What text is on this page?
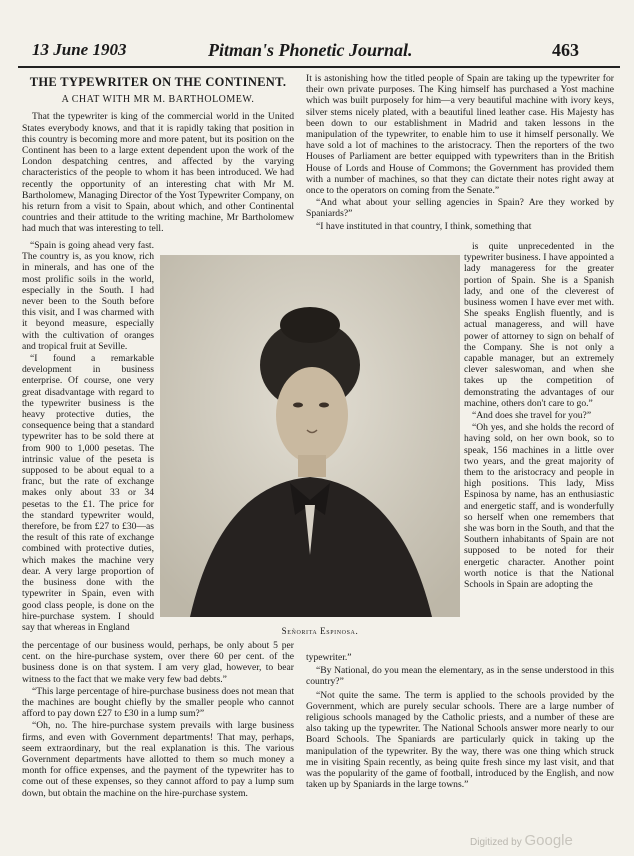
13 June 1903	Pitman's Phonetic Journal.	463
THE TYPEWRITER ON THE CONTINENT.
A CHAT WITH MR M. BARTHOLOMEW.

That the typewriter is king of the commercial world in the United States everybody knows, and that it is rapidly taking that position in this country is becoming more and more patent, but its position on the Continent has been to a large extent dependent upon the work of the London despatching centres, and affected by the varying characteristics of the people to whom it has been introduced. We had recently the opportunity of an interesting chat with Mr M. Bartholomew, Managing Director of the Yost Typewriter Company, on his return from a visit to Spain, about which, and other Continental countries and their attitude to the writing machine, Mr Bartholomew had much that was interesting to tell.

It is astonishing how the titled people of Spain are taking up the typewriter for their own private purposes. The King himself has purchased a Yost machine which was built purposely for him—a very beautiful machine with ivory keys, silver stems nicely plated, with a beautiful lined leather case. His Majesty has been down to our establishment in Madrid and taken lessons in the manipulation of the typewriter, to enable him to use it himself personally. We have sold a lot of machines to the aristocracy. Then the reporters of the two Houses of Parliament are better equipped with typewriters than in the British House of Lords and House of Commons; the Government has provided them with a number of machines, so that they can dictate their notes right away at once to the operators on coming from the Senate.”

“And what about your selling agencies in Spain? Are they worked by Spaniards?”

“I have instituted in that country, I think, something that

“Spain is going ahead very fast. The country is, as you know, rich in minerals, and has one of the most prolific soils in the world, especially in the South. I had never been to the South before this visit, and I was charmed with it beyond measure, especially with the cultivation of oranges and tropical fruit at Seville.

“I found a remarkable development in business enterprise. Of course, one very great disadvantage with regard to the typewriter business is the heavy protective duties, the consequence being that a standard typewriter has to be sold there at from 900 to 1,000 pesetas. The intrinsic value of the peseta is supposed to be about equal to a franc, but the rate of exchange makes only about 33 or 34 pesetas to the £1. The price for the standard typewriter would, therefore, be from £27 to £30—as the result of this rate of exchange combined with protective duties, which makes the machine very dear. A very large proportion of the business done with the typewriter in Spain, even with good class people, is done on the hire-purchase system. I should say that whereas in England	Señorita Espinosa.

is quite unprecedented in the typewriter business. I have appointed a lady manageress for the greater portion of Spain. She is a Spanish lady, and one of the cleverest of business women I have ever met with. She speaks English fluently, and is actual manageress, and will have power of attorney to sign on behalf of the Company. She is not only a capable manager, but an extremely clever saleswoman, and when she takes up the competition of demonstrating the advantages of our machine, others don't care to go.”

“And does she travel for you?”

“Oh yes, and she holds the record of having sold, on her own book, so to speak, 156 machines in a little over two years, and the great majority of them to the aristocracy and people in high positions. This lady, Miss Espinosa by name, has an enthusiastic and energetic staff, and is wonderfully so herself when one remembers that she was born in the South, and that the Southern inhabitants of Spain are not supposed to be noted for their energetic character. Another point worth notice is that the National Schools in Spain are adopting the

the percentage of our business would, perhaps, be only about 5 per cent. on the hire-purchase system, over there 60 per cent. of the business done is on that system. I am very glad, however, to bear witness to the fact that we make very few bad debts.”

“This large percentage of hire-purchase business does not mean that the machines are bought chiefly by the smaller people who cannot afford to pay down £27 to £30 in a lump sum?”

“Oh, no. The hire-purchase system prevails with large business firms, and even with Government departments! That may, perhaps, seem extraordinary, but the real explanation is this. The various Government departments have allotted to them so much money a month for office expenses, and the payment of the typewriter has to come out of these expenses, so they cannot afford to pay a lump sum down, but obtain the machine on the hire-purchase system.

typewriter.”

“By National, do you mean the elementary, as in the sense understood in this country?”

“Not quite the same. The term is applied to the schools provided by the Government, which are purely secular schools. There are a large number of religious schools managed by the Catholic priests, and a number of these are also taking up the typewriter. The National Schools answer more nearly to our Board Schools. The Spaniards are particularly quick in taking up the manipulation of the typewriter. By the way, there was one thing which struck me in visiting Spain recently, as being quite fresh since my last visit, and that was the popularity of the game of football, introduced by the English, and now taken up by Spaniards in the large towns.”

Digitized by Google
